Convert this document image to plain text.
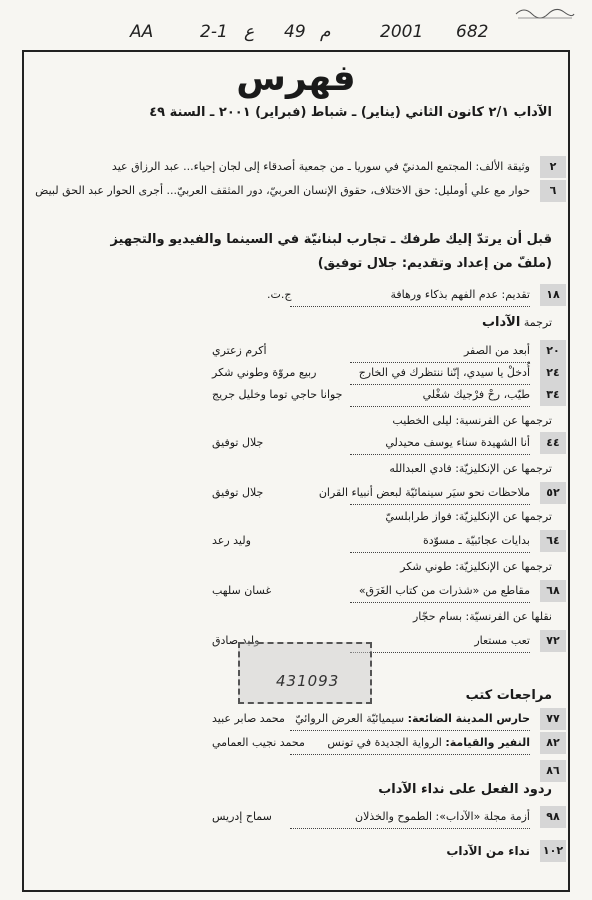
AA	2-1 ع 49 م	2001 682
فهرس
الآداب ٢/١ كانون الثاني (يناير) ـ شباط (فبراير) ٢٠٠١ ـ السنة ٤٩
٢
وثيقة الألف: المجتمع المدنيّ في سوريا ـ من جمعية أصدقاء إلى لجان إحياء... عبد الرزاق عيد
٦
حوار مع علي أومليل: حق الاختلاف، حقوق الإنسان العربيّ، دور المثقف العربيّ... أجرى الحوار عبد الحق لبيض
قبل أن يرتدّ إليك طرفك ـ تجارب لبنانيّة في السينما والفيديو والتجهيز
(ملفّ من إعداد وتقديم: جلال توفيق)
١٨
تقديم: عدم الفهم بذكاء ورهافة
ج.ت.
ترجمة الآداب
٢٠
أبعد من الصفر
أكرم زعتري
٢٤
أُدخلْ يا سيدي، إنّنا ننتظرك في الخارج
ربيع مروّة وطوني شكر
٣٤
طيّب، رحْ فرْجيك شغْلي
جوانا حاجي توما وخليل جريج
ترجمها عن الفرنسية: ليلى الخطيب
٤٤
أنا الشهيدة سناء يوسف محيدلي
جلال توفيق
ترجمها عن الإنكليزيّة: فادي العبدالله
٥٢
ملاحظات نحو سيَر سينمائيّة لبعض أنبياء القران
جلال توفيق
ترجمها عن الإنكليزيّة: فواز طرابلسيّ
٦٤
بدايات عجائبيّة ـ مسوّدة
وليد رعد
ترجمها عن الإنكليزيّة: طوني شكر
٦٨
مقاطع من «شذرات من كتاب الغَرَق»
غسان سلهب
نقلها عن الفرنسيّة: بسام حجّار
٧٢
تعب مستعار
وليد صادق
431093
مراجعات كتب
٧٧
حارس المدينة الضائعة: سيميائيّة العرض الروائيّ
محمد صابر عبيد
٨٢
النفير والقيامة: الرواية الجديدة في تونس
محمد نجيب العمامي
٨٦
ردود الفعل على نداء الآداب
٩٨
أزمة مجلة «الآداب»: الطموح والخذلان
سماح إدريس
١٠٢
نداء من الآداب
